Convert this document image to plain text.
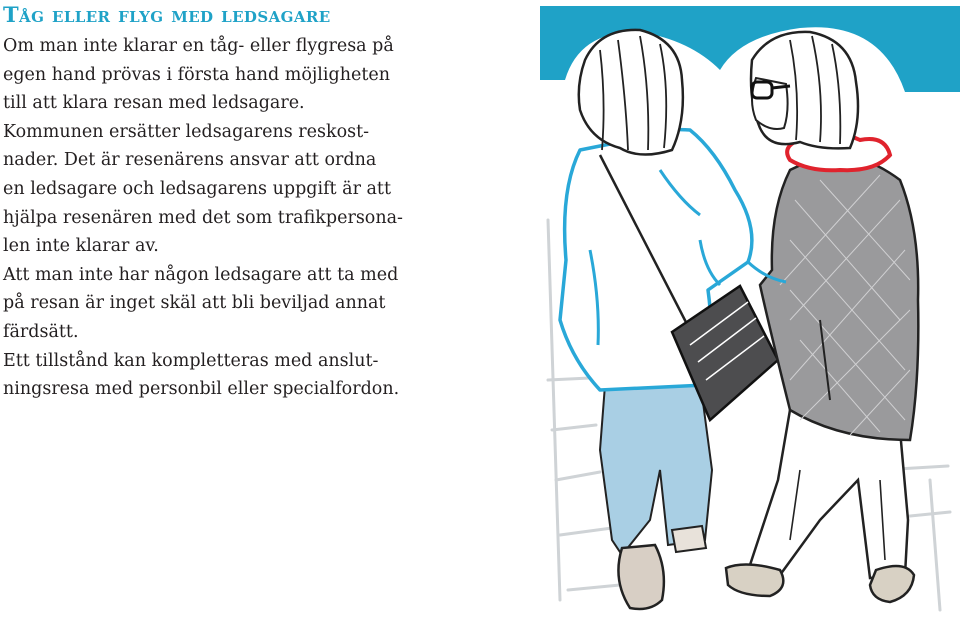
Tåg eller flyg med ledsagare

Om man inte klarar en tåg- eller flygresa på

egen hand prövas i första hand möjligheten

till att klara resan med ledsagare.

Kommunen ersätter ledsagarens reskost-

nader. Det är resenärens ansvar att ordna

en ledsagare och ledsagarens uppgift är att

hjälpa resenären med det som trafikpersona-

len inte klarar av.

Att man inte har någon ledsagare att ta med

på resan är inget skäl att bli beviljad annat

färdsätt.

Ett tillstånd kan kompletteras med anslut-

ningsresa med personbil eller specialfordon.
